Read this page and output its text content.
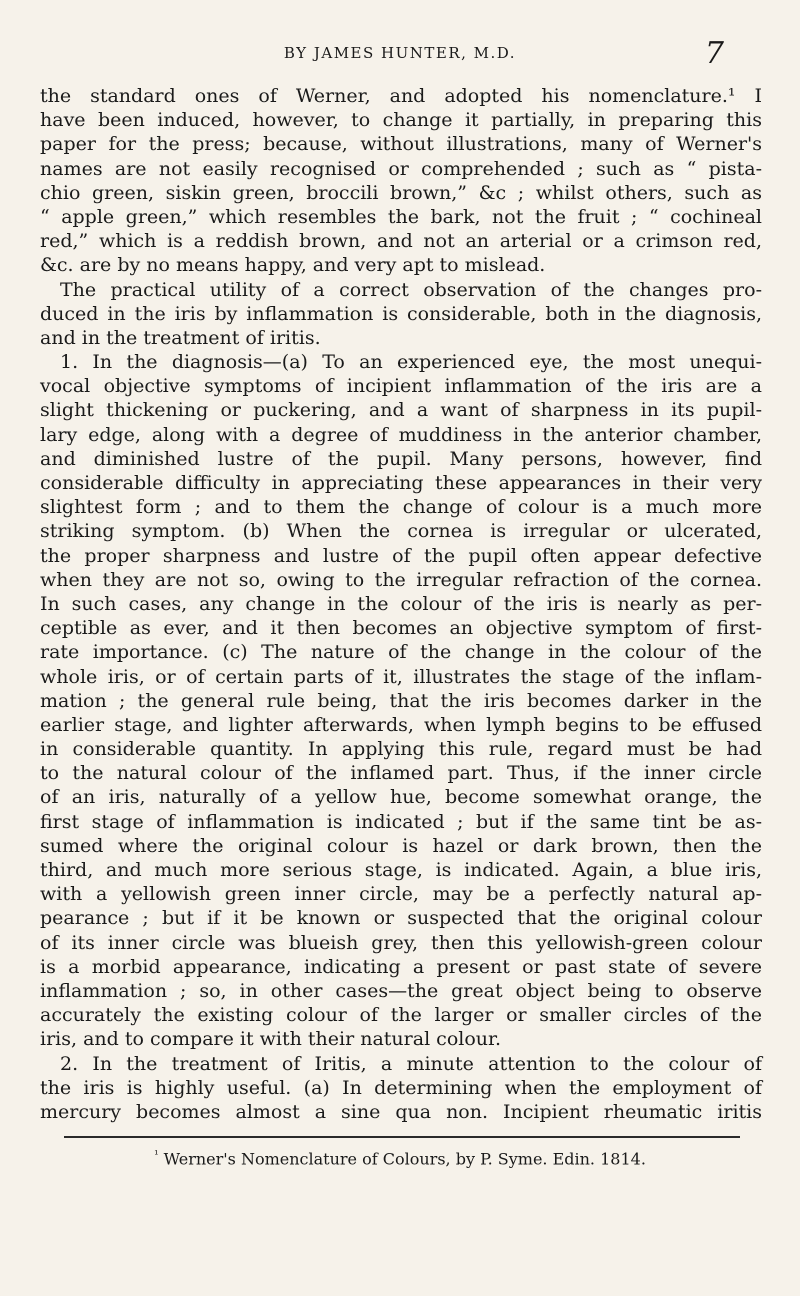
BY JAMES HUNTER, M.D.	7
the standard ones of Werner, and adopted his nomenclature.¹ I
have been induced, however, to change it partially, in preparing this
paper for the press; because, without illustrations, many of Werner's
names are not easily recognised or comprehended ; such as “ pista-
chio green, siskin green, broccili brown,” &c ; whilst others, such as
“ apple green,” which resembles the bark, not the fruit ; “ cochineal
red,” which is a reddish brown, and not an arterial or a crimson red,
&c. are by no means happy, and very apt to mislead.
The practical utility of a correct observation of the changes pro-
duced in the iris by inflammation is considerable, both in the diagnosis,
and in the treatment of iritis.
1. In the diagnosis—(a) To an experienced eye, the most unequi-
vocal objective symptoms of incipient inflammation of the iris are a
slight thickening or puckering, and a want of sharpness in its pupil-
lary edge, along with a degree of muddiness in the anterior chamber,
and diminished lustre of the pupil. Many persons, however, find
considerable difficulty in appreciating these appearances in their very
slightest form ; and to them the change of colour is a much more
striking symptom. (b) When the cornea is irregular or ulcerated,
the proper sharpness and lustre of the pupil often appear defective
when they are not so, owing to the irregular refraction of the cornea.
In such cases, any change in the colour of the iris is nearly as per-
ceptible as ever, and it then becomes an objective symptom of first-
rate importance. (c) The nature of the change in the colour of the
whole iris, or of certain parts of it, illustrates the stage of the inflam-
mation ; the general rule being, that the iris becomes darker in the
earlier stage, and lighter afterwards, when lymph begins to be effused
in considerable quantity. In applying this rule, regard must be had
to the natural colour of the inflamed part. Thus, if the inner circle
of an iris, naturally of a yellow hue, become somewhat orange, the
first stage of inflammation is indicated ; but if the same tint be as-
sumed where the original colour is hazel or dark brown, then the
third, and much more serious stage, is indicated. Again, a blue iris,
with a yellowish green inner circle, may be a perfectly natural ap-
pearance ; but if it be known or suspected that the original colour
of its inner circle was blueish grey, then this yellowish-green colour
is a morbid appearance, indicating a present or past state of severe
inflammation ; so, in other cases—the great object being to observe
accurately the existing colour of the larger or smaller circles of the
iris, and to compare it with their natural colour.
2. In the treatment of Iritis, a minute attention to the colour of
the iris is highly useful. (a) In determining when the employment of
mercury becomes almost a sine qua non. Incipient rheumatic iritis
$^{^1}$ Werner's Nomenclature of Colours, by P. Syme. Edin. 1814.
